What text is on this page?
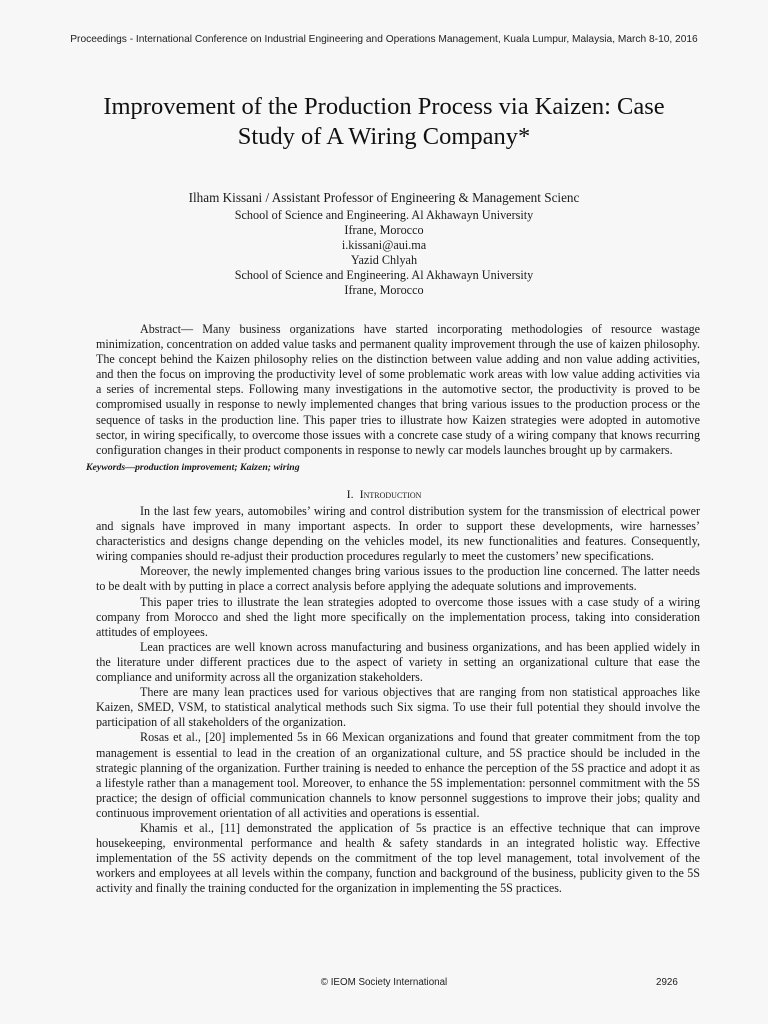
Proceedings - International Conference on Industrial Engineering and Operations Management, Kuala Lumpur, Malaysia, March 8-10, 2016
Improvement of the Production Process via Kaizen: Case Study of A Wiring Company*
Ilham Kissani / Assistant Professor of Engineering & Management Scienc
School of Science and Engineering. Al Akhawayn University
Ifrane, Morocco
i.kissani@aui.ma
Yazid Chlyah
School of Science and Engineering. Al Akhawayn University
Ifrane, Morocco
Abstract— Many business organizations have started incorporating methodologies of resource wastage minimization, concentration on added value tasks and permanent quality improvement through the use of kaizen philosophy. The concept behind the Kaizen philosophy relies on the distinction between value adding and non value adding activities, and then the focus on improving the productivity level of some problematic work areas with low value adding activities via a series of incremental steps. Following many investigations in the automotive sector, the productivity is proved to be compromised usually in response to newly implemented changes that bring various issues to the production process or the sequence of tasks in the production line. This paper tries to illustrate how Kaizen strategies were adopted in automotive sector, in wiring specifically, to overcome those issues with a concrete case study of a wiring company that knows recurring configuration changes in their product components in response to newly car models launches brought up by carmakers.
Keywords—production improvement; Kaizen; wiring
I. Introduction

In the last few years, automobiles’ wiring and control distribution system for the transmission of electrical power and signals have improved in many important aspects. In order to support these developments, wire harnesses’ characteristics and designs change depending on the vehicles model, its new functionalities and features. Consequently, wiring companies should re-adjust their production procedures regularly to meet the customers’ new specifications.

Moreover, the newly implemented changes bring various issues to the production line concerned. The latter needs to be dealt with by putting in place a correct analysis before applying the adequate solutions and improvements.

This paper tries to illustrate the lean strategies adopted to overcome those issues with a case study of a wiring company from Morocco and shed the light more specifically on the implementation process, taking into consideration attitudes of employees.

Lean practices are well known across manufacturing and business organizations, and has been applied widely in the literature under different practices due to the aspect of variety in setting an organizational culture that ease the compliance and uniformity across all the organization stakeholders.

There are many lean practices used for various objectives that are ranging from non statistical approaches like Kaizen, SMED, VSM, to statistical analytical methods such Six sigma. To use their full potential they should involve the participation of all stakeholders of the organization.

Rosas et al., [20] implemented 5s in 66 Mexican organizations and found that greater commitment from the top management is essential to lead in the creation of an organizational culture, and 5S practice should be included in the strategic planning of the organization. Further training is needed to enhance the perception of the 5S practice and adopt it as a lifestyle rather than a management tool. Moreover, to enhance the 5S implementation: personnel commitment with the 5S practice; the design of official communication channels to know personnel suggestions to improve their jobs; quality and continuous improvement orientation of all activities and operations is essential.

Khamis et al., [11] demonstrated the application of 5s practice is an effective technique that can improve housekeeping, environmental performance and health & safety standards in an integrated holistic way. Effective implementation of the 5S activity depends on the commitment of the top level management, total involvement of the workers and employees at all levels within the company, function and background of the business, publicity given to the 5S activity and finally the training conducted for the organization in implementing the 5S practices.

© IEOM Society International	2926
